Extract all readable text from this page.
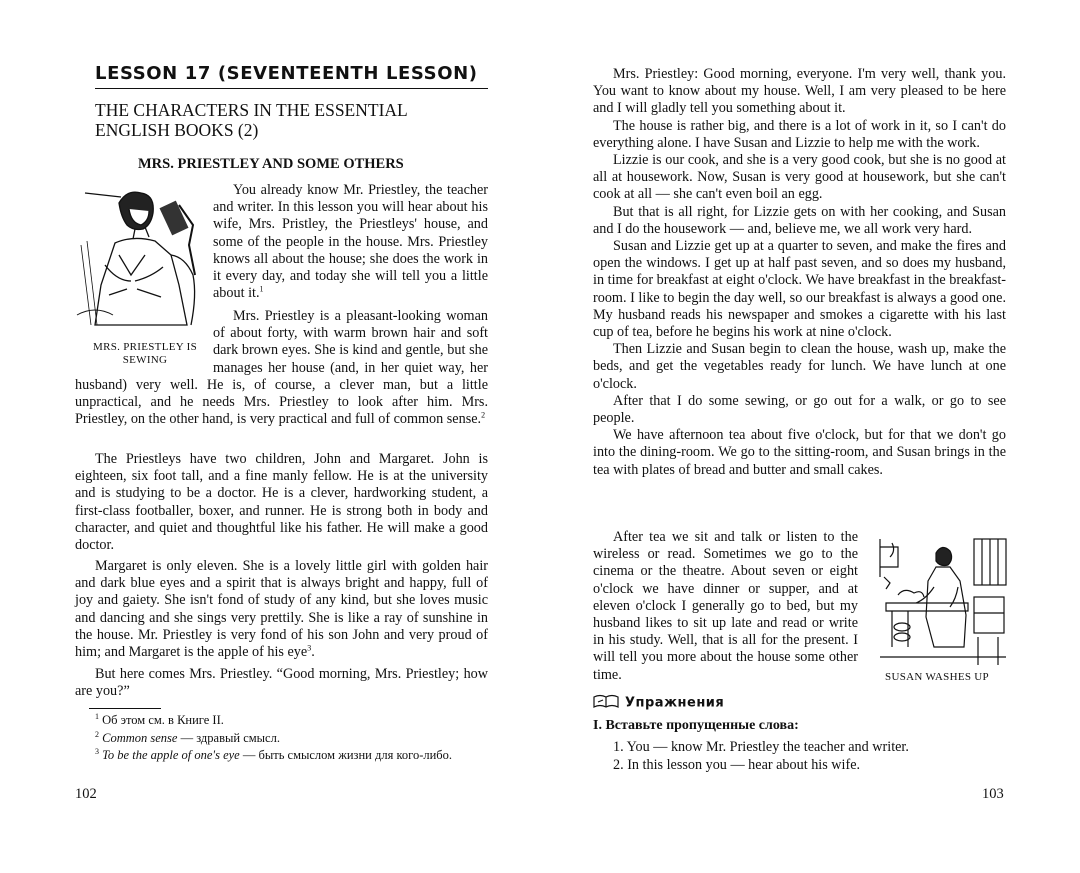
LESSON 17 (SEVENTEENTH LESSON)
THE CHARACTERS IN THE ESSENTIAL ENGLISH BOOKS (2)
MRS. PRIESTLEY AND SOME OTHERS
MRS. PRIESTLEY IS SEWING

You already know Mr. Priestley, the teacher and writer. In this lesson you will hear about his wife, Mrs. Pristley, the Priestleys' house, and some of the people in the house. Mrs. Priestley knows all about the house; she does the work in it every day, and today she will tell you a little about it.$^1$

Mrs. Priestley is a pleasant-looking woman of about forty, with warm brown hair and soft dark brown eyes. She is kind and gentle, but she manages her house (and, in her quiet way, her husband) very well. He is, of course, a clever man, but a little unpractical, and he needs Mrs. Priestley to look after him. Mrs. Priestley, on the other hand, is very practical and full of common sense.$^2$

The Priestleys have two children, John and Margaret. John is eighteen, six foot tall, and a fine manly fellow. He is at the university and is studying to be a doctor. He is a clever, hardworking student, a first-class footballer, boxer, and runner. He is strong both in body and character, and quiet and thoughtful like his father. He will make a good doctor.

Margaret is only eleven. She is a lovely little girl with golden hair and dark blue eyes and a spirit that is always bright and happy, full of joy and gaiety. She isn't fond of study of any kind, but she loves music and dancing and she sings very prettily. She is like a ray of sunshine in the house. Mr. Priestley is very fond of his son John and very proud of him; and Margaret is the apple of his eye$^3$.

But here comes Mrs. Priestley. “Good morning, Mrs. Priestley; how are you?”

$^1$ Об этом см. в Книге II.
$^2$ Common sense — здравый смысл.
$^3$ To be the apple of one's eye — быть смыслом жизни для кого-либо.
102

Mrs. Priestley: Good morning, everyone. I'm very well, thank you. You want to know about my house. Well, I am very pleased to be here and I will gladly tell you something about it.

The house is rather big, and there is a lot of work in it, so I can't do everything alone. I have Susan and Lizzie to help me with the work.

Lizzie is our cook, and she is a very good cook, but she is no good at all at housework. Now, Susan is very good at housework, but she can't cook at all — she can't even boil an egg.

But that is all right, for Lizzie gets on with her cooking, and Susan and I do the housework — and, believe me, we all work very hard.

Susan and Lizzie get up at a quarter to seven, and make the fires and open the windows. I get up at half past seven, and so does my husband, in time for breakfast at eight o'clock. We have breakfast in the breakfast-room. I like to begin the day well, so our breakfast is always a good one. My husband reads his newspaper and smokes a cigarette with his last cup of tea, before he begins his work at nine o'clock.

Then Lizzie and Susan begin to clean the house, wash up, make the beds, and get the vegetables ready for lunch. We have lunch at one o'clock.

After that I do some sewing, or go out for a walk, or go to see people.

We have afternoon tea about five o'clock, but for that we don't go into the dining-room. We go to the sitting-room, and Susan brings in the tea with plates of bread and butter and small cakes.

After tea we sit and talk or listen to the wireless or read. Sometimes we go to the cinema or the theatre. About seven or eight o'clock we have dinner or supper, and at eleven o'clock I generally go to bed, but my husband likes to sit up late and read or write in his study. Well, that is all for the present. I will tell you more about the house some other time.	SUSAN WASHES UP
Упражнения
I. Вставьте пропущенные слова:
1. You — know Mr. Priestley the teacher and writer.
2. In this lesson you — hear about his wife.
103
